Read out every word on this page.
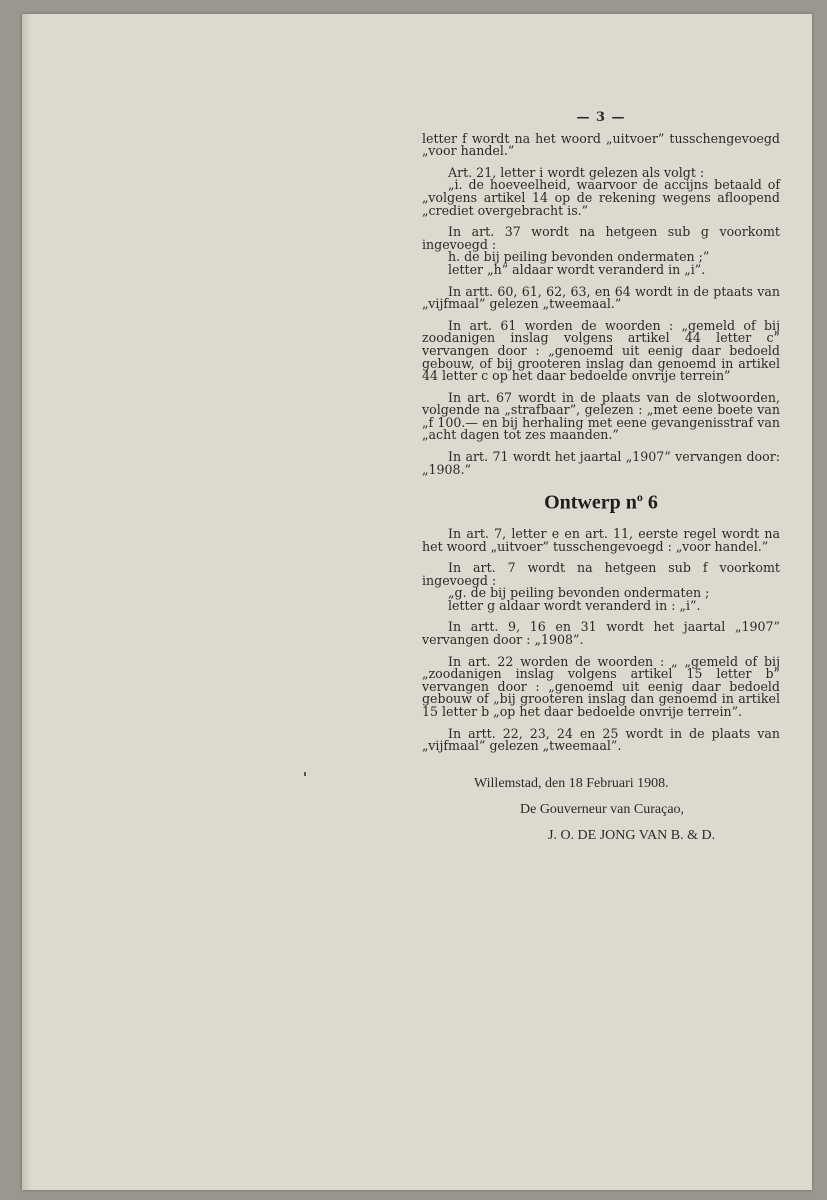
— 3 —

letter f wordt na het woord „uitvoer” tusschengevoegd „voor handel.”

Art. 21, letter i wordt gelezen als volgt :
„i. de hoeveelheid, waarvoor de accijns betaald of „volgens artikel 14 op de rekening wegens afloopend „crediet overgebracht is.”
In art. 37 wordt na hetgeen sub g voorkomt ingevoegd :
h. de bij peiling bevonden ondermaten ;”
letter „h” aldaar wordt veranderd in „i”.

In artt. 60, 61, 62, 63, en 64 wordt in de ptaats van „vijfmaal” gelezen „tweemaal.”

In art. 61 worden de woorden : „gemeld of bij zoodanigen inslag volgens artikel 44 letter c” vervangen door : „genoemd uit eenig daar bedoeld gebouw, of bij grooteren inslag dan genoemd in artikel 44 letter c op het daar bedoelde onvrije terrein”

In art. 67 wordt in de plaats van de slotwoorden, volgende na „strafbaar”, gelezen : „met eene boete van „f 100.— en bij herhaling met eene gevangenisstraf van „acht dagen tot zes maanden.”

In art. 71 wordt het jaartal „1907” vervangen door: „1908.”

Ontwerp $n^o$ 6

In art. 7, letter e en art. 11, eerste regel wordt na het woord „uitvoer” tusschengevoegd : „voor handel.”

In art. 7 wordt na hetgeen sub f voorkomt ingevoegd :
„g. de bij peiling bevonden ondermaten ;
letter g aldaar wordt veranderd in : „i”.

In artt. 9, 16 en 31 wordt het jaartal „1907” vervangen door : „1908”.

In art. 22 worden de woorden : „ „gemeld of bij „zoodanigen inslag volgens artikel 15 letter b” vervangen door : „genoemd uit eenig daar bedoeld gebouw of „bij grooteren inslag dan genoemd in artikel 15 letter b „op het daar bedoelde onvrije terrein”.

In artt. 22, 23, 24 en 25 wordt in de plaats van „vijfmaal” gelezen „tweemaal”.

Willemstad, den 18 Februari 1908.
De Gouverneur van Curaçao,
J. O. DE JONG VAN B. & D.
